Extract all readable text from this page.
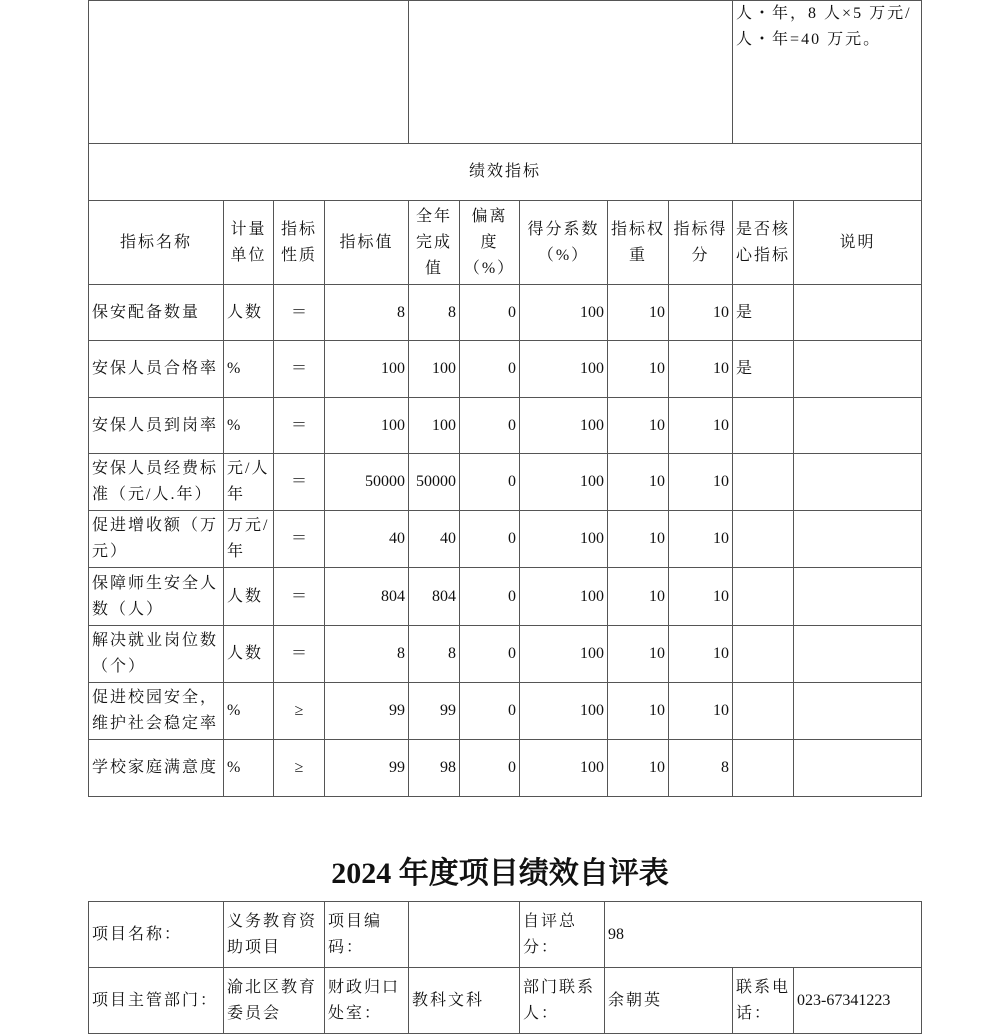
									人・年，8 人×5 万元/人・年=40 万元。	
绩效指标										
指标名称	计量单位	指标性质	指标值	全年完成值	偏离度（%）	得分系数（%）	指标权重	指标得分	是否核心指标	说明
保安配备数量	人数	＝	8	8	0	100	10	10	是	
安保人员合格率	%	＝	100	100	0	100	10	10	是	
安保人员到岗率	%	＝	100	100	0	100	10	10		
安保人员经费标准（元/人.年）	元/人年	＝	50000	50000	0	100	10	10		
促进增收额（万元）	万元/年	＝	40	40	0	100	10	10		
保障师生安全人数（人）	人数	＝	804	804	0	100	10	10		
解决就业岗位数（个）	人数	＝	8	8	0	100	10	10		
促进校园安全，维护社会稳定率	%	≥	99	99	0	100	10	10		
学校家庭满意度	%	≥	99	98	0	100	10	8		
2024 年度项目绩效自评表
项目名称：	义务教育资助项目	项目编码：		自评总分：	98		
项目主管部门：	渝北区教育委员会	财政归口处室：	教科文科	部门联系人：	余朝英	联系电话：	023-67341223
